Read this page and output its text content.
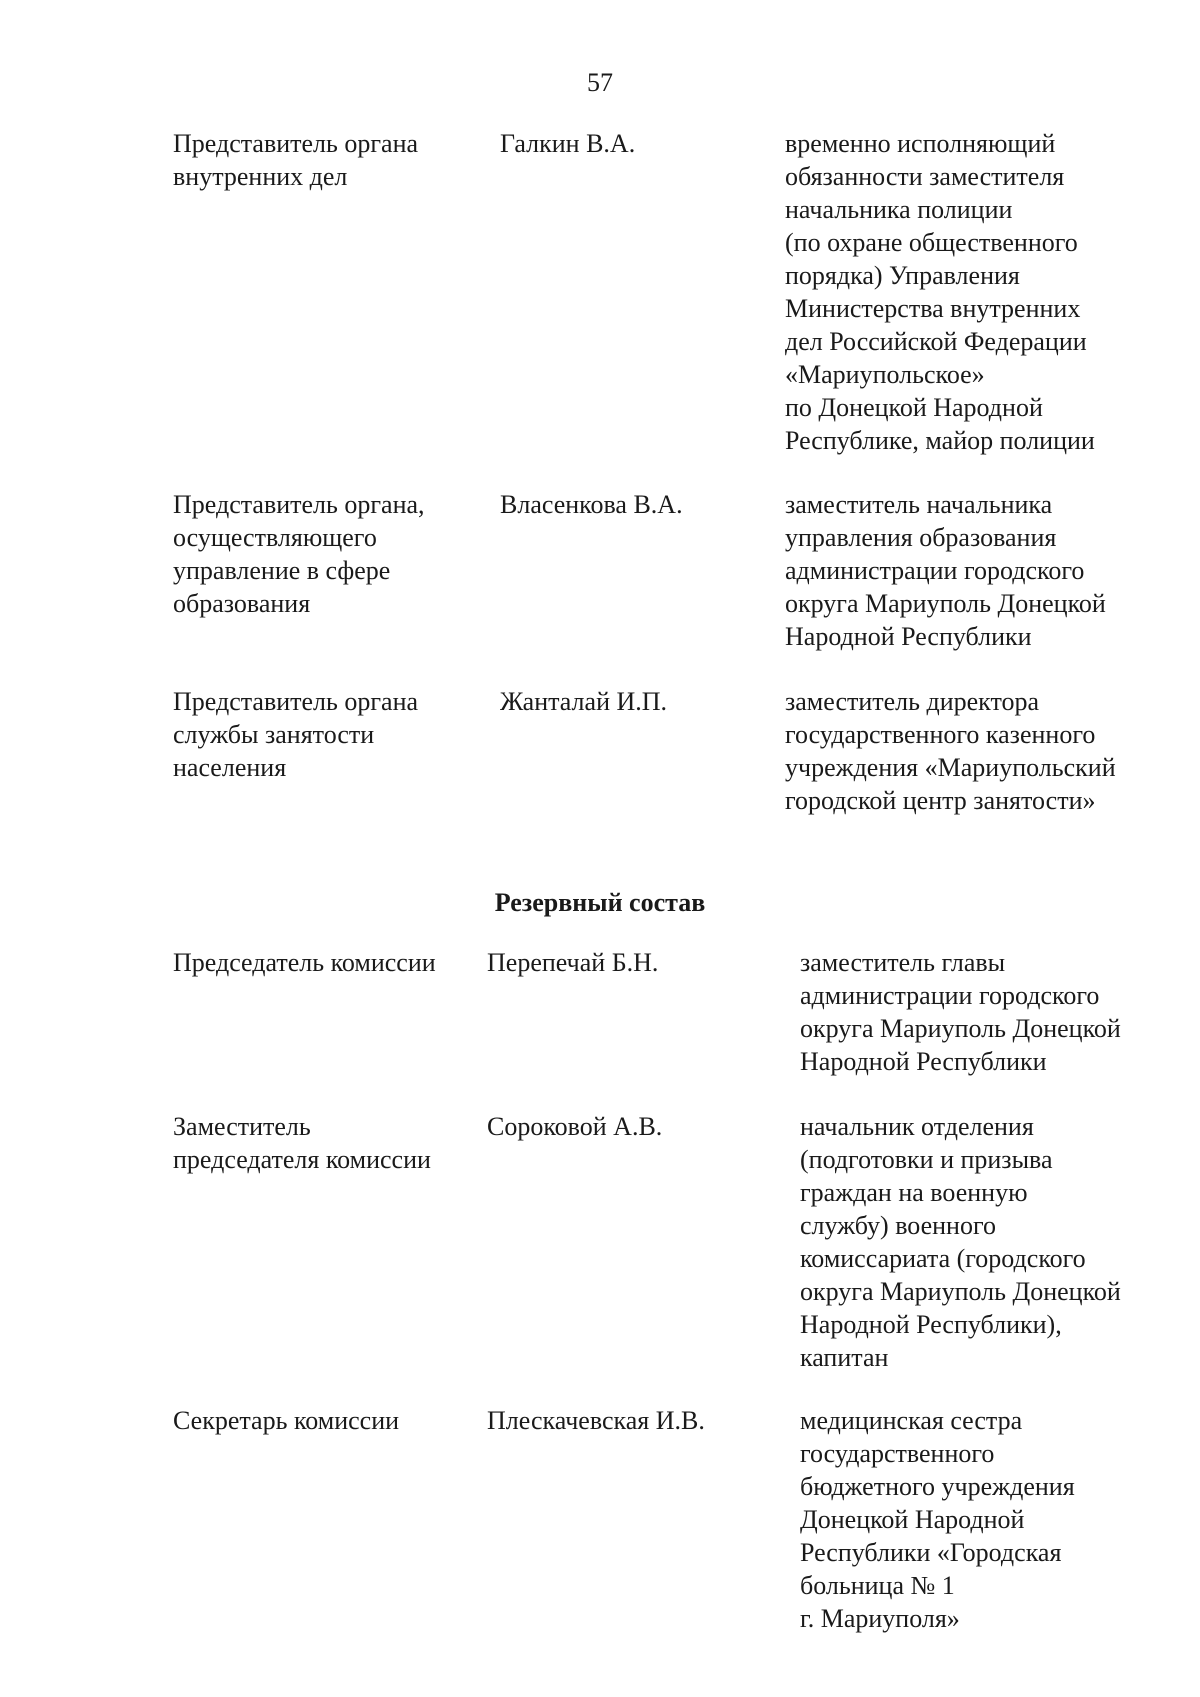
57
Представитель органа
внутренних дел
Галкин В.А.	временно исполняющий
обязанности заместителя
начальника полиции
(по охране общественного
порядка) Управления
Министерства внутренних
дел Российской Федерации
«Мариупольское»
по Донецкой Народной
Республике, майор полиции
Представитель органа,
осуществляющего
управление в сфере
образования
Власенкова В.А.	заместитель начальника
управления образования
администрации городского
округа Мариуполь Донецкой
Народной Республики
Представитель органа
службы занятости
населения
Жанталай И.П.	заместитель директора
государственного казенного
учреждения «Мариупольский
городской центр занятости»
Резервный состав
Председатель комиссии	Перепечай Б.Н.	заместитель главы
администрации городского
округа Мариуполь Донецкой
Народной Республики
Заместитель
председателя комиссии
Сороковой А.В.	начальник отделения
(подготовки и призыва
граждан на военную
службу) военного
комиссариата (городского
округа Мариуполь Донецкой
Народной Республики),
капитан
Секретарь комиссии	Плескачевская И.В.	медицинская сестра
государственного
бюджетного учреждения
Донецкой Народной
Республики «Городская
больница № 1
г. Мариуполя»
